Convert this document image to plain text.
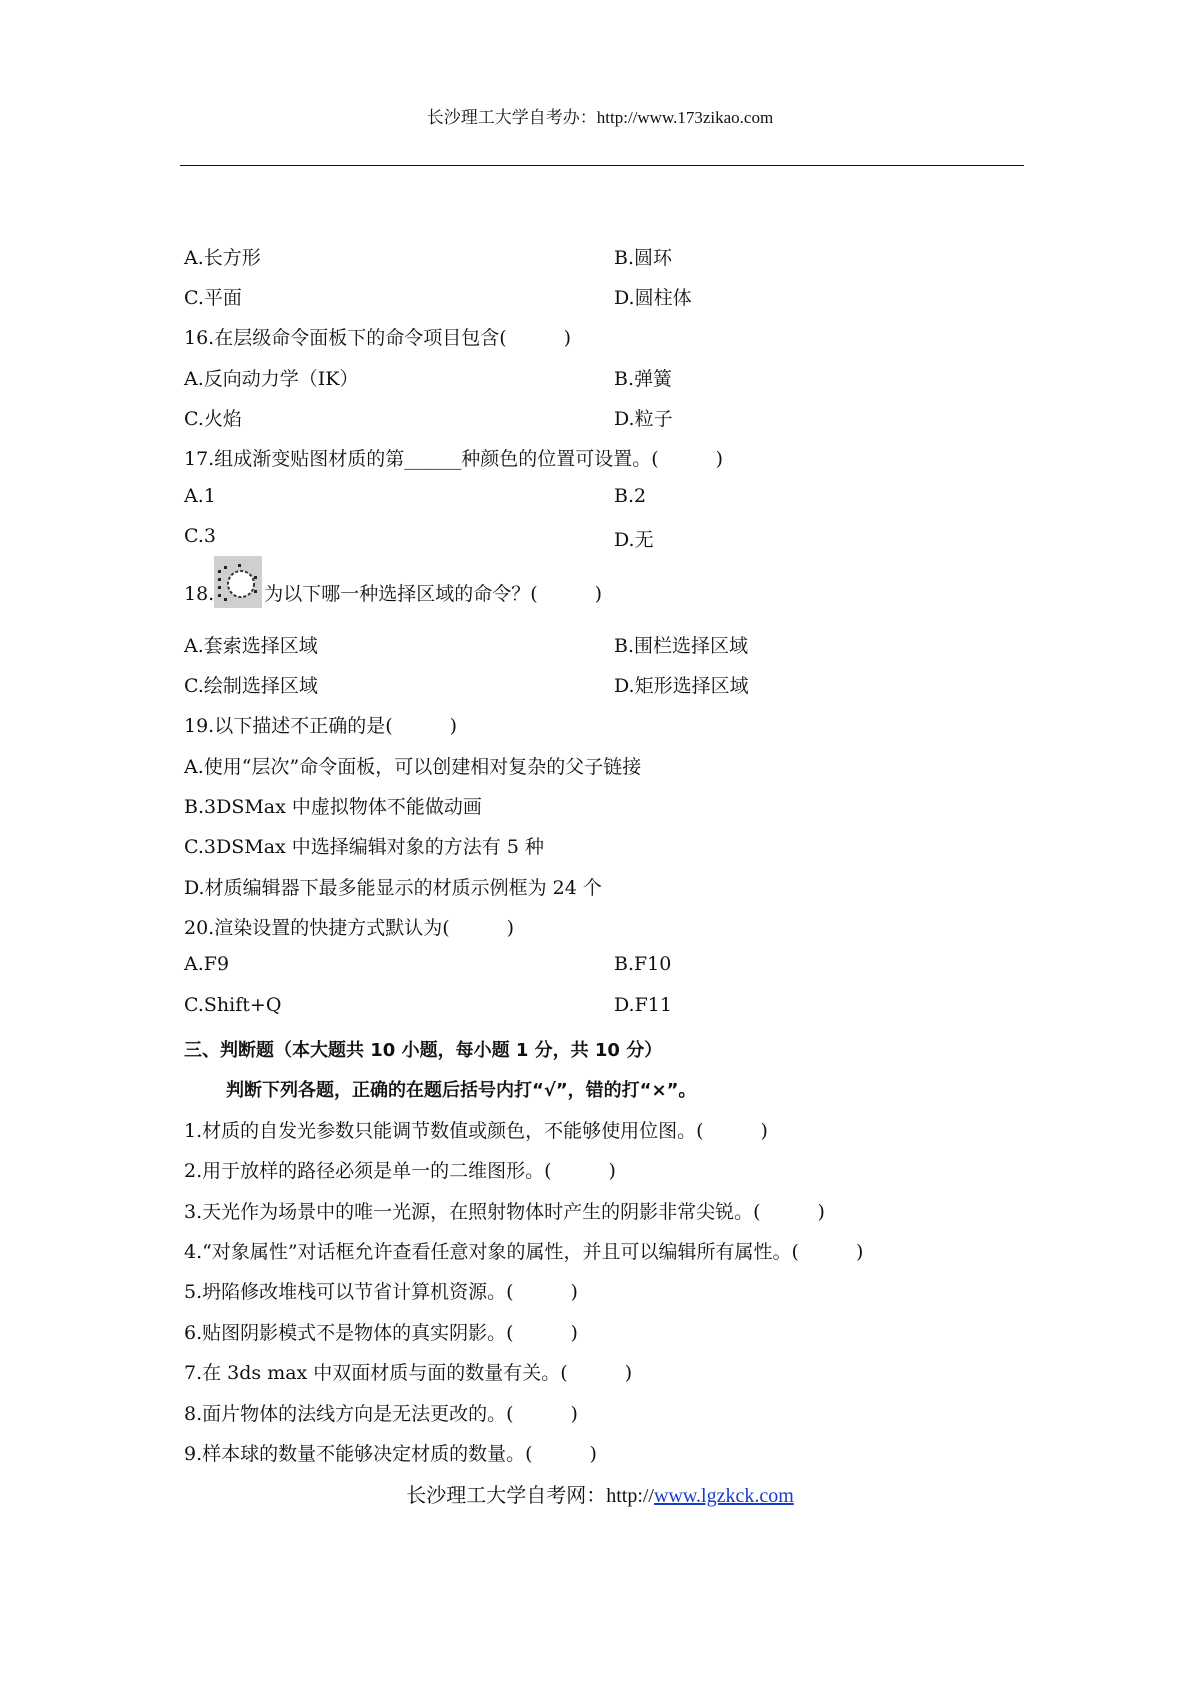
长沙理工大学自考办：http://www.173zikao.com
A.长方形	B.圆环
C.平面	D.圆柱体
16.在层级命令面板下的命令项目包含(　　　)
A.反向动力学（IK）	B.弹簧
C.火焰	D.粒子
17.组成渐变贴图材质的第______种颜色的位置可设置。(　　　)
A.1	B.2
C.3	D.无
18.	为以下哪一种选择区域的命令？(　　　)
A.套索选择区域	B.围栏选择区域
C.绘制选择区域	D.矩形选择区域
19.以下描述不正确的是(　　　)
A.使用“层次”命令面板，可以创建相对复杂的父子链接
B.3DSMax 中虚拟物体不能做动画
C.3DSMax 中选择编辑对象的方法有 5 种
D.材质编辑器下最多能显示的材质示例框为 24 个
20.渲染设置的快捷方式默认为(　　　)
A.F9	B.F10
C.Shift+Q	D.F11
三、判断题（本大题共 10 小题，每小题 1 分，共 10 分）
判断下列各题，正确的在题后括号内打“√”，错的打“×”。
1.材质的自发光参数只能调节数值或颜色，不能够使用位图。(　　　)
2.用于放样的路径必须是单一的二维图形。(　　　)
3.天光作为场景中的唯一光源，在照射物体时产生的阴影非常尖锐。(　　　)
4.“对象属性”对话框允许查看任意对象的属性，并且可以编辑所有属性。(　　　)
5.坍陷修改堆栈可以节省计算机资源。(　　　)
6.贴图阴影模式不是物体的真实阴影。(　　　)
7.在 3ds max 中双面材质与面的数量有关。(　　　)
8.面片物体的法线方向是无法更改的。(　　　)
9.样本球的数量不能够决定材质的数量。(　　　)
长沙理工大学自考网：http://www.lgzkck.com
